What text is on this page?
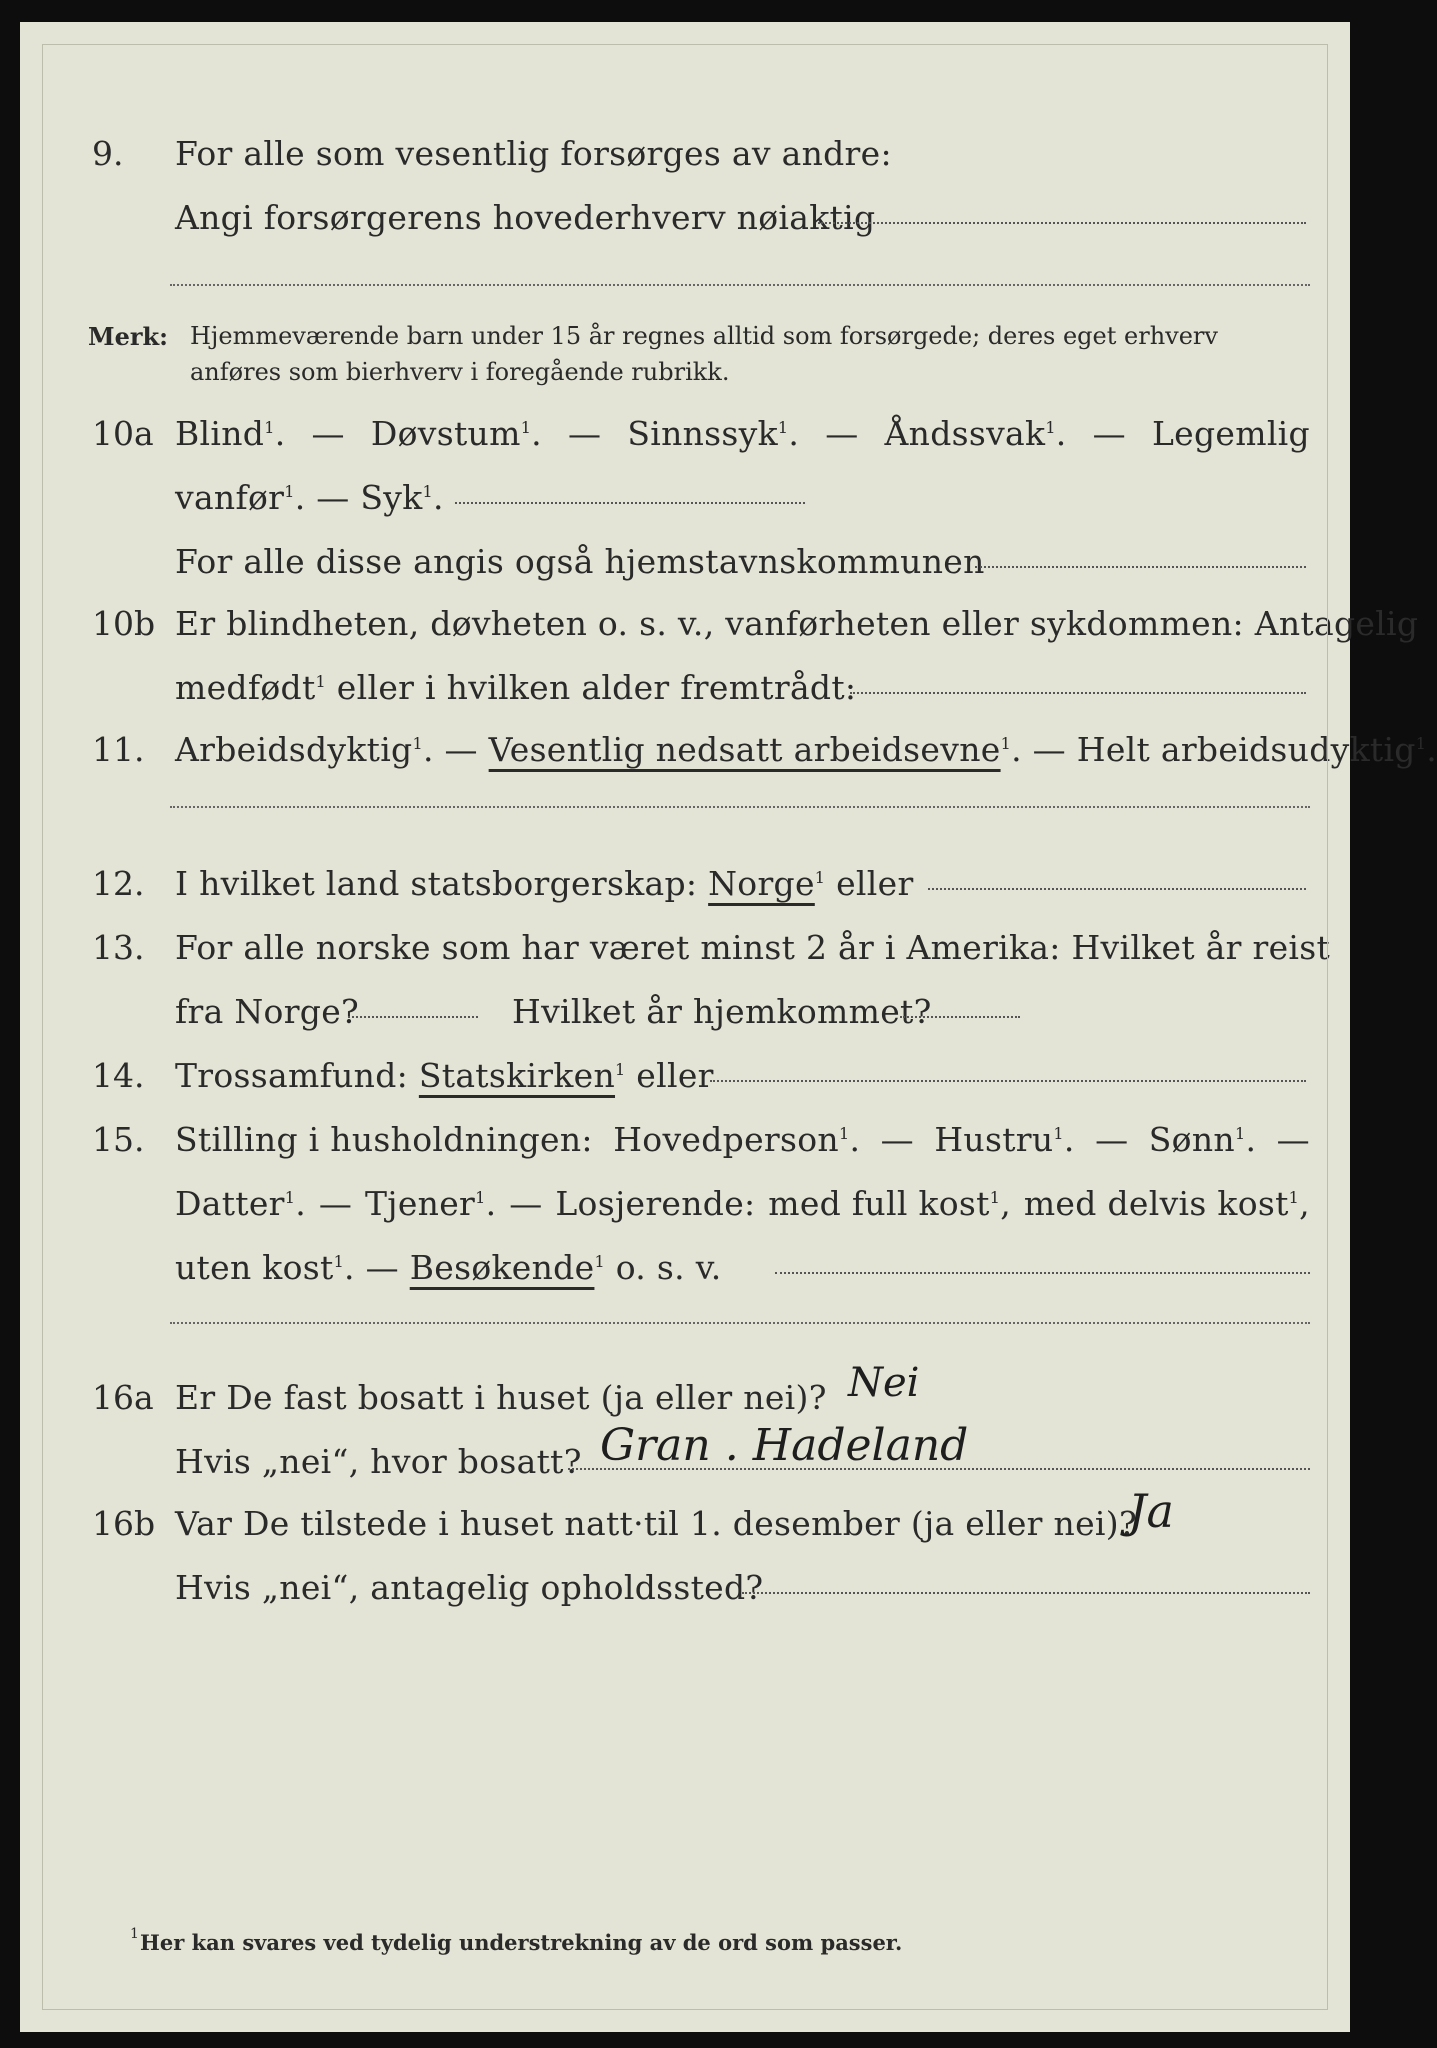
9. For alle som vesentlig forsørges av andre:
Angi forsørgerens hovederhverv nøiaktig
Merk: Hjemmeværende barn under 15 år regnes alltid som forsørgede; deres eget erhverv anføres som bierhverv i foregående rubrikk.
10a Blind$^1$. — Døvstum$^1$. — Sinnssyk$^1$. — Åndssvak$^1$. — Legemlig
vanfør$^1$. — Syk$^1$.
For alle disse angis også hjemstavnskommunen
10b Er blindheten, døvheten o. s. v., vanførheten eller sykdommen: Antagelig
medfødt$^1$ eller i hvilken alder fremtrådt:
11. Arbeidsdyktig$^1$. — Vesentlig nedsatt arbeidsevne$^1$. — Helt arbeidsudyktig$^1$.
12. I hvilket land statsborgerskap: Norge$^1$ eller
13. For alle norske som har været minst 2 år i Amerika: Hvilket år reist
fra Norge?	Hvilket år hjemkommet?
14. Trossamfund: Statskirken$^1$ eller
15. Stilling i husholdningen: Hovedperson$^1$. — Hustru$^1$. — Sønn$^1$. —
Datter$^1$. — Tjener$^1$. — Losjerende: med full kost$^1$, med delvis kost$^1$,
uten kost$^1$. — Besøkende$^1$ o. s. v.
16a Er De fast bosatt i huset (ja eller nei)? Nei
Hvis „nei“, hvor bosatt? Gran . Hadeland
16b Var De tilstede i huset natt·til 1. desember (ja eller nei)?
Ja
Hvis „nei“, antagelig opholdssted?
1 Her kan svares ved tydelig understrekning av de ord som passer.
